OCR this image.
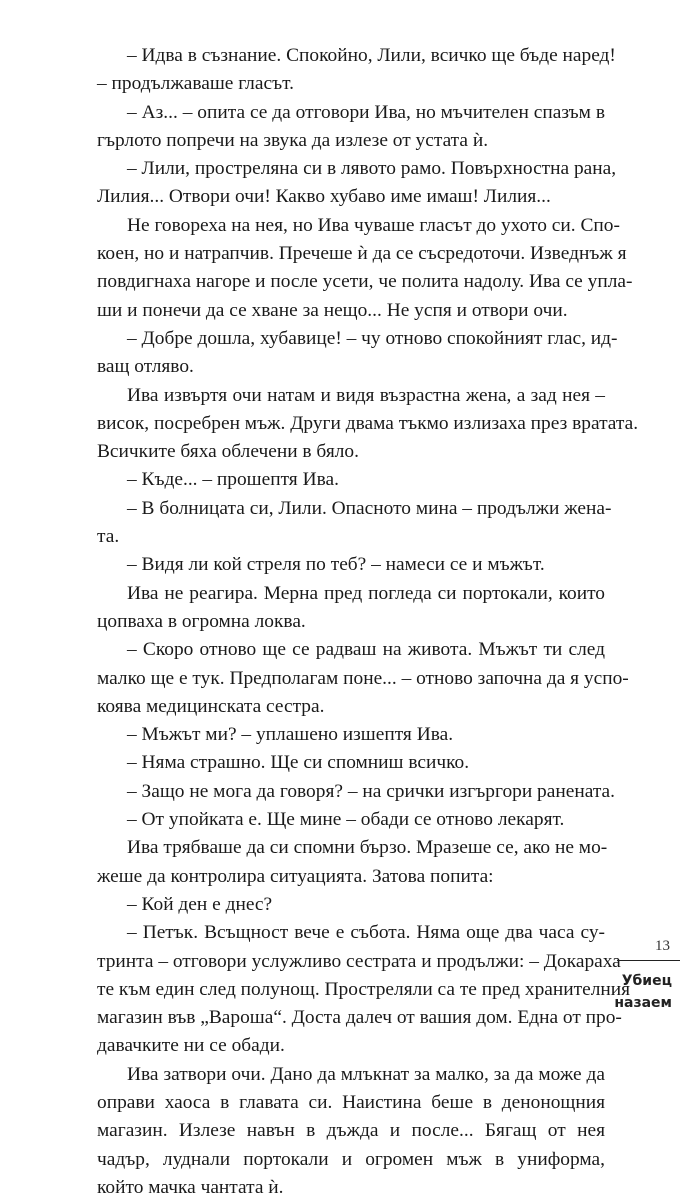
– Идва в съзнание. Спокойно, Лили, всичко ще бъде наред!
– продължаваше гласът.
– Аз... – опита се да отговори Ива, но мъчителен спазъм в
гърлото попречи на звука да излезе от устата ѝ.
– Лили, простреляна си в лявото рамо. Повърхностна рана,
Лилия... Отвори очи! Какво хубаво име имаш! Лилия...
Не говореха на нея, но Ива чуваше гласът до ухото си. Спо-
коен, но и натрапчив. Пречеше ѝ да се съсредоточи. Изведнъж я
повдигнаха нагоре и после усети, че полита надолу. Ива се упла-
ши и понечи да се хване за нещо... Не успя и отвори очи.
– Добре дошла, хубавице! – чу отново спокойният глас, ид-
ващ отляво.
Ива извъртя очи натам и видя възрастна жена, а зад нея –
висок, посребрен мъж. Други двама тъкмо излизаха през вратата.
Всичките бяха облечени в бяло.
– Къде... – прошептя Ива.
– В болницата си, Лили. Опасното мина – продължи жена-
та.
– Видя ли кой стреля по теб? – намеси се и мъжът.
Ива не реагира. Мерна пред погледа си портокали, които
цопваха в огромна локва.
– Скоро отново ще се радваш на живота. Мъжът ти след
малко ще е тук. Предполагам поне... – отново започна да я успо-
коява медицинската сестра.
– Мъжът ми? – уплашено изшептя Ива.
– Няма страшно. Ще си спомниш всичко.
– Защо не мога да говоря? – на срички изгъргори ранената.
– От упойката е. Ще мине – обади се отново лекарят.
Ива трябваше да си спомни бързо. Мразеше се, ако не мо-
жеше да контролира ситуацията. Затова попита:
– Кой ден е днес?
– Петък. Всъщност вече е събота. Няма още два часа су-
тринта – отговори услужливо сестрата и продължи: – Докараха
те към един след полунощ. Простреляли са те пред хранителния
магазин във „Вароша“. Доста далеч от вашия дом. Една от про-
давачките ни се обади.
Ива затвори очи. Дано да млъкнат за малко, за да може да
оправи хаоса в главата си. Наистина беше в денонощния
магазин. Излезе навън в дъжда и после... Бягащ от нея
чадър, луднали портокали и огромен мъж в униформа,
който мачка чантата ѝ.
13
Убиец
назаем
